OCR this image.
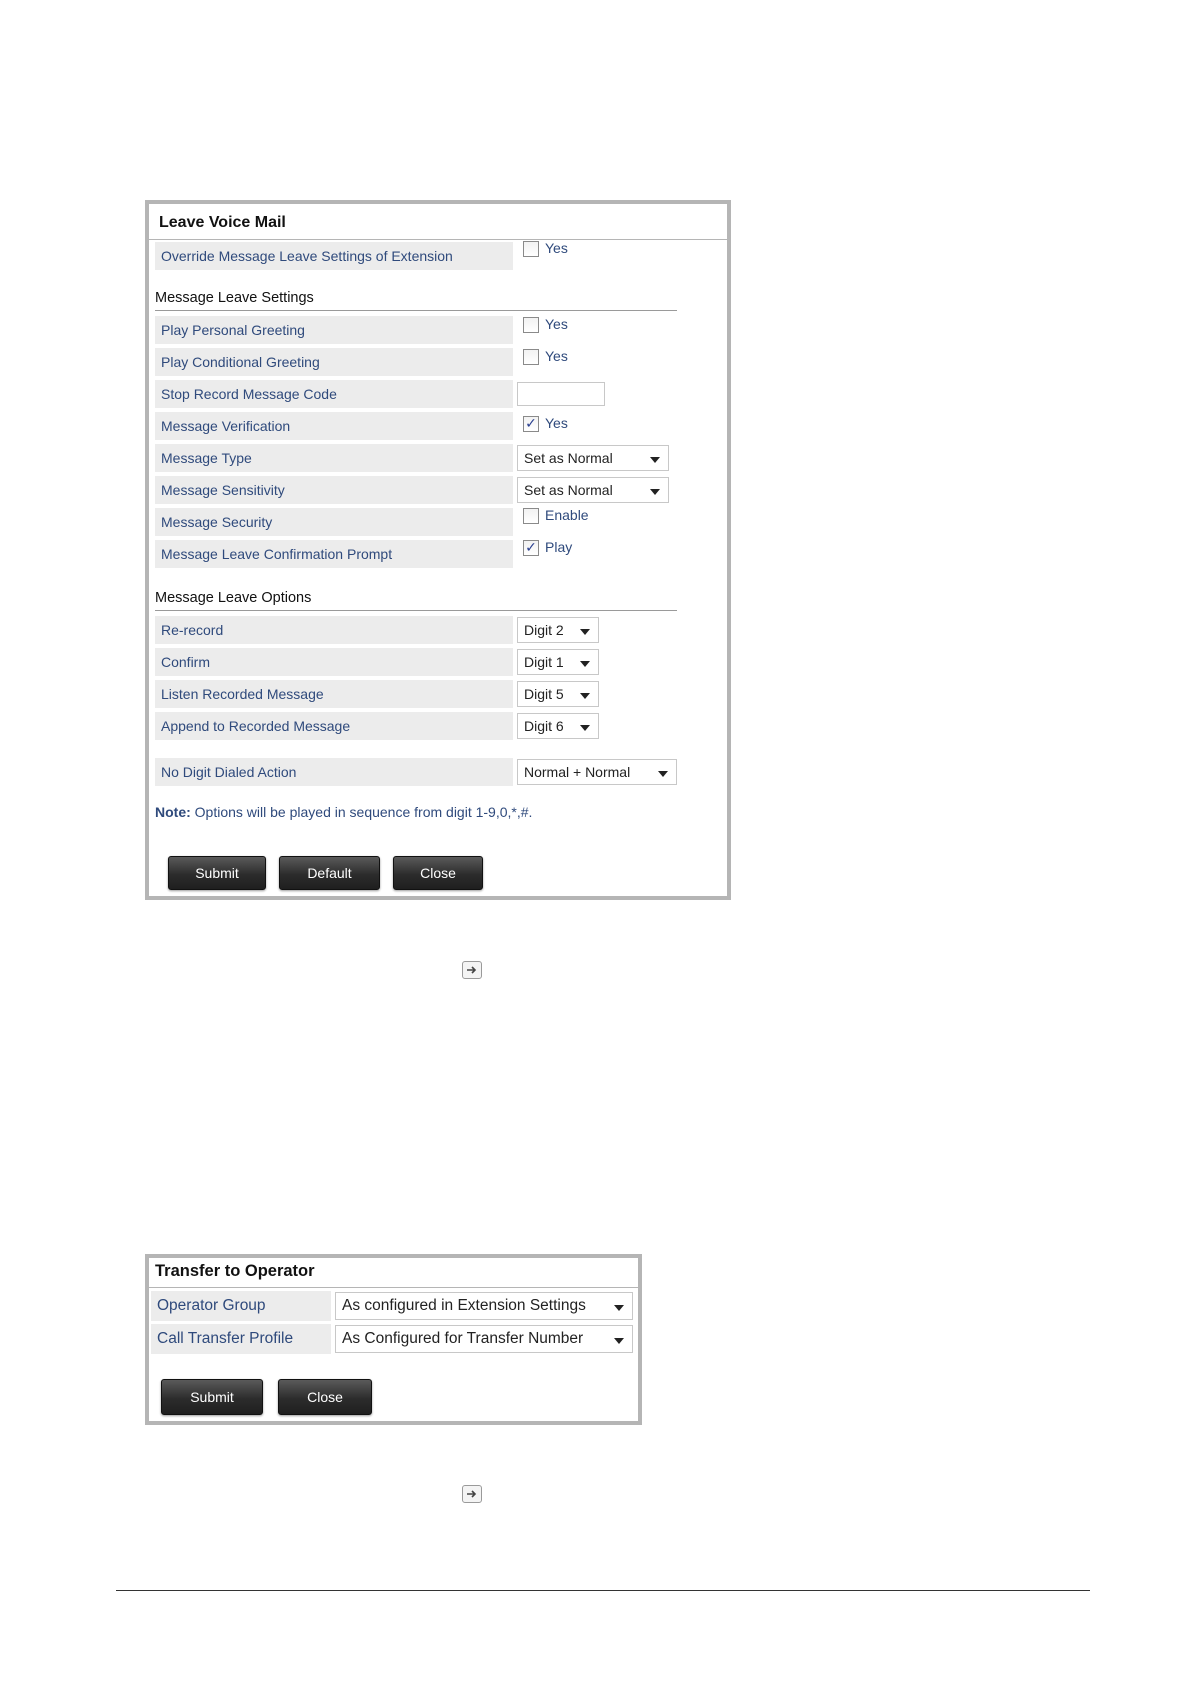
Leave Voice Mail
Override Message Leave Settings of Extension	Yes
Message Leave Settings
Play Personal Greeting	Yes
Play Conditional Greeting	Yes
Stop Record Message Code
Message Verification	✓ Yes
Message Type	Set as Normal
Message Sensitivity	Set as Normal
Message Security	Enable
Message Leave Confirmation Prompt	✓ Play
Message Leave Options
Re-record	Digit 2
Confirm	Digit 1
Listen Recorded Message	Digit 5
Append to Recorded Message	Digit 6
No Digit Dialed Action	Normal + Normal
Note: Options will be played in sequence from digit 1-9,0,*,#.
Submit	Default	Close
Transfer to Operator
Operator Group	As configured in Extension Settings
Call Transfer Profile	As Configured for Transfer Number
Submit	Close
